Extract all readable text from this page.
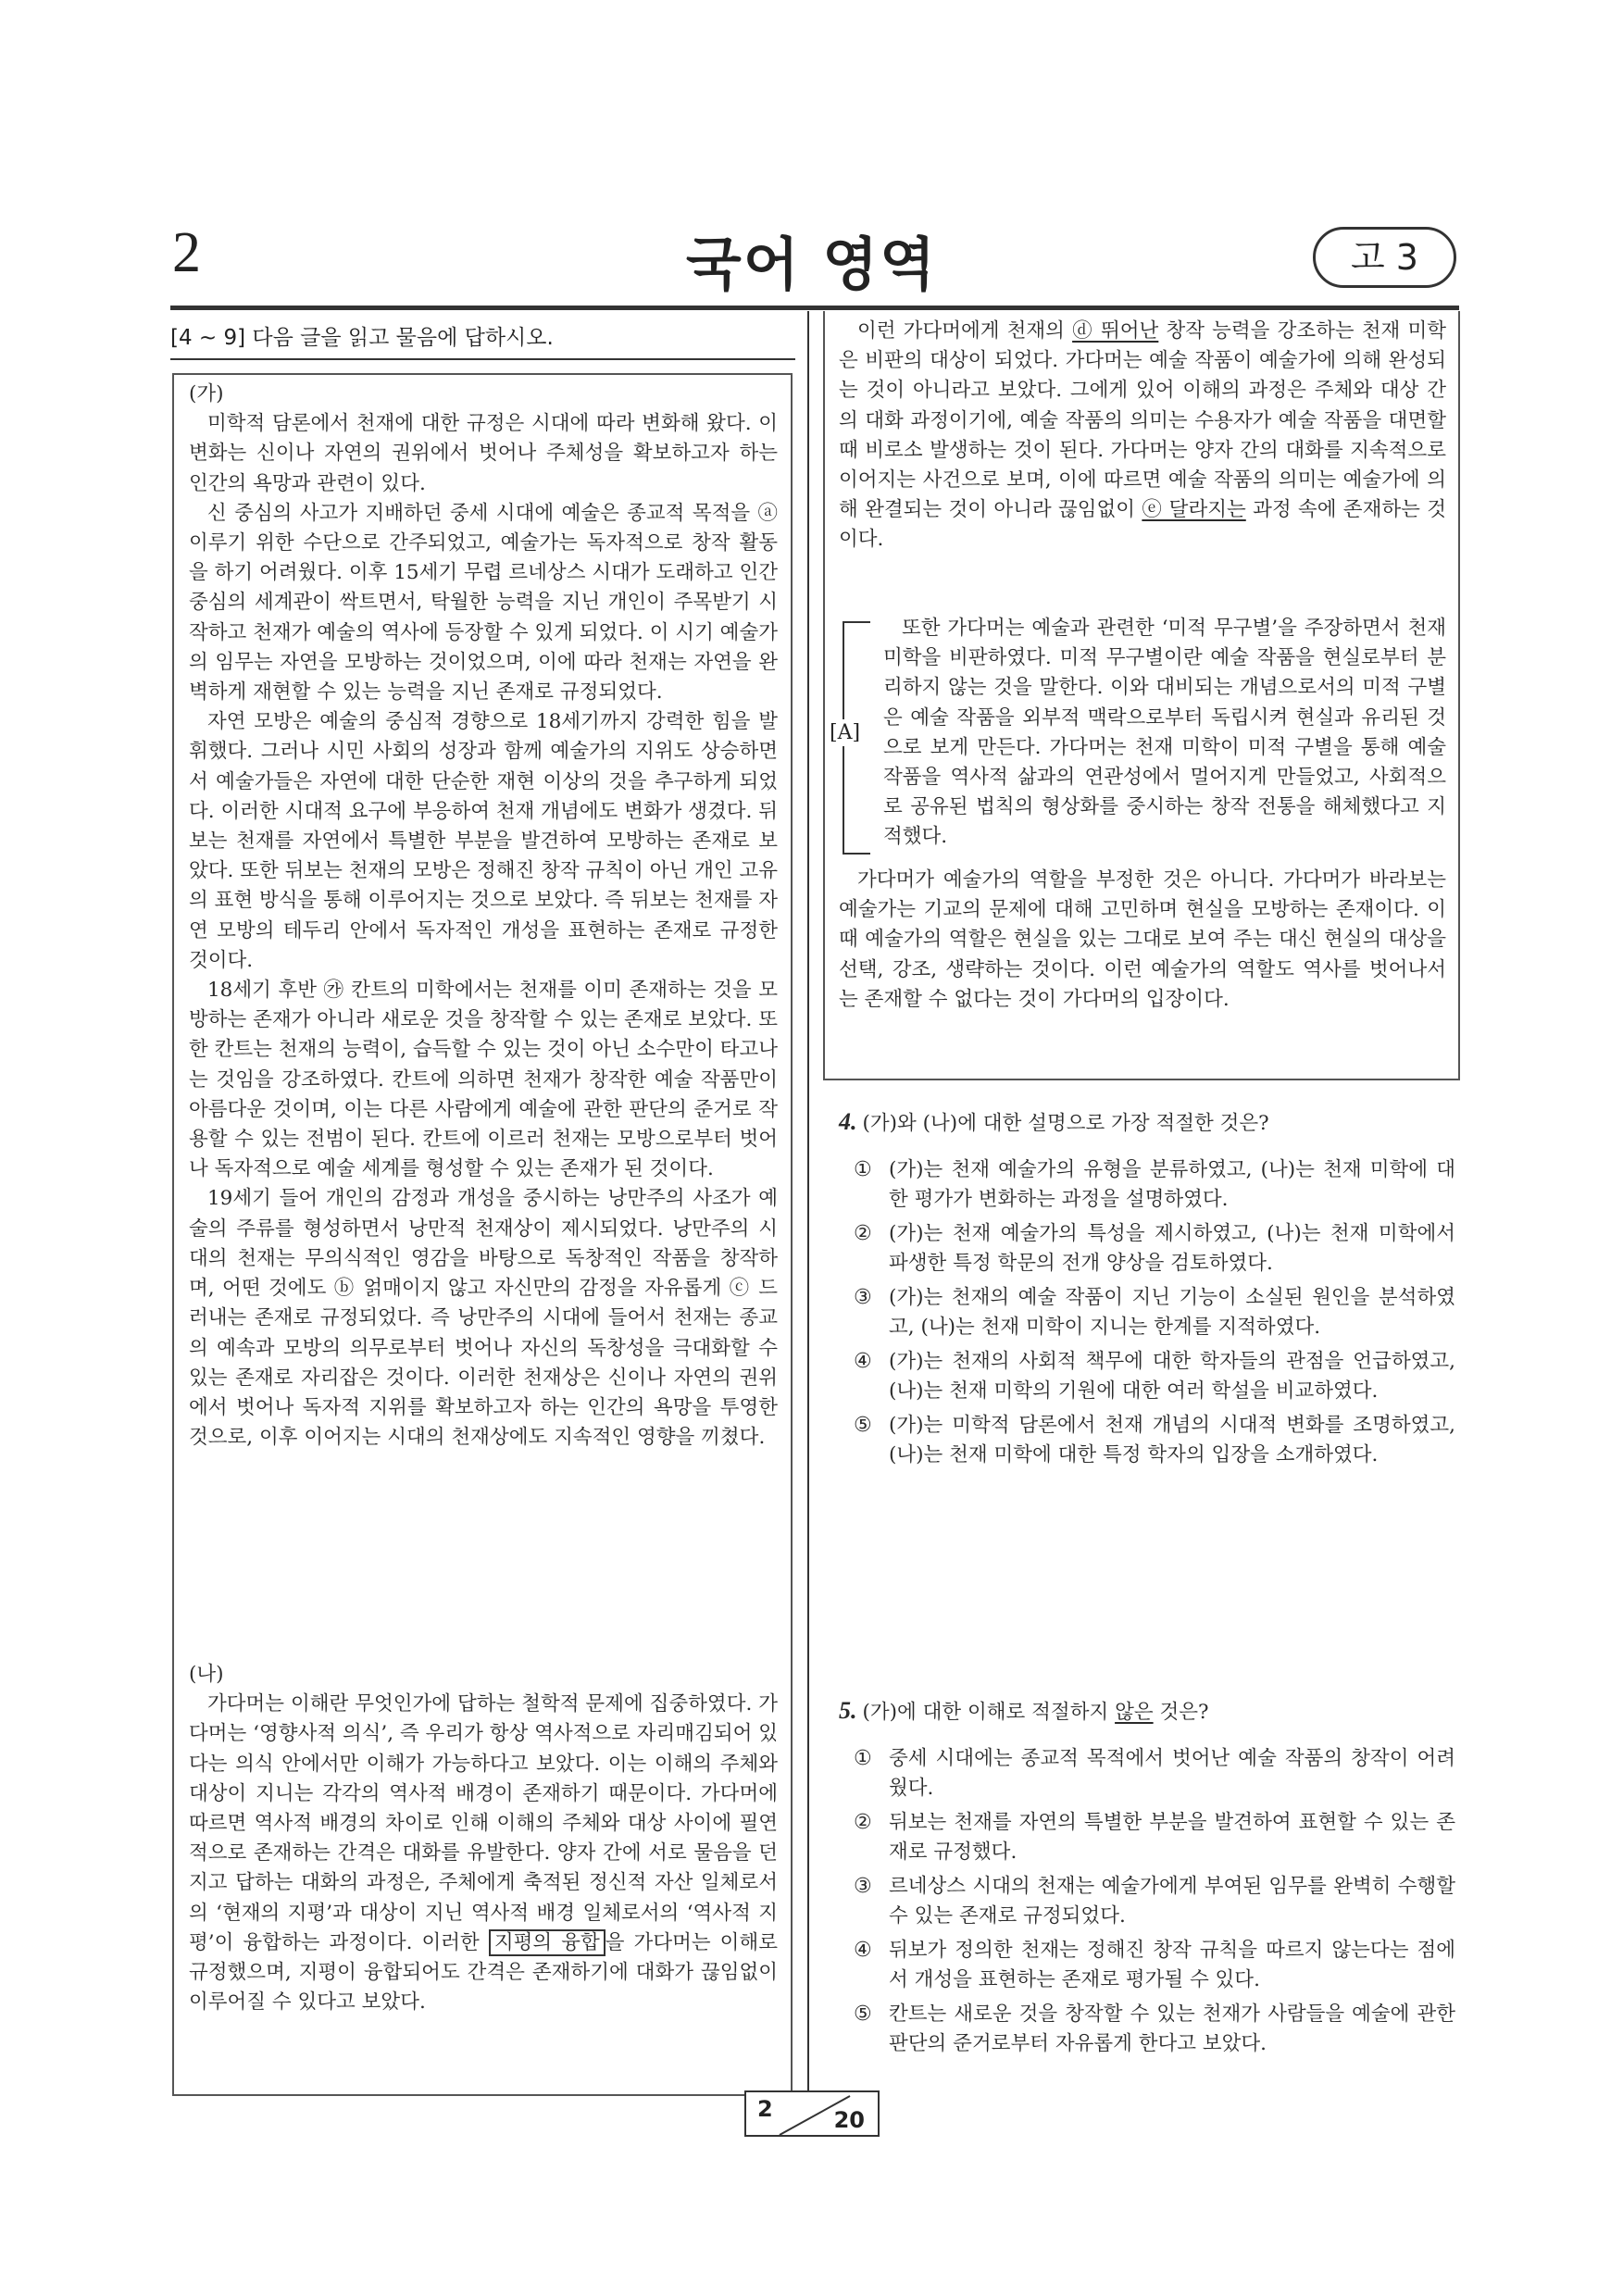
2	국어 영역	고 3
[4 ~ 9] 다음 글을 읽고 물음에 답하시오.

(가)

미학적 담론에서 천재에 대한 규정은 시대에 따라 변화해 왔다. 이 변화는 신이나 자연의 권위에서 벗어나 주체성을 확보하고자 하는 인간의 욕망과 관련이 있다.

신 중심의 사고가 지배하던 중세 시대에 예술은 종교적 목적을 ⓐ 이루기 위한 수단으로 간주되었고, 예술가는 독자적으로 창작 활동을 하기 어려웠다. 이후 15세기 무렵 르네상스 시대가 도래하고 인간 중심의 세계관이 싹트면서, 탁월한 능력을 지닌 개인이 주목받기 시작하고 천재가 예술의 역사에 등장할 수 있게 되었다. 이 시기 예술가의 임무는 자연을 모방하는 것이었으며, 이에 따라 천재는 자연을 완벽하게 재현할 수 있는 능력을 지닌 존재로 규정되었다.

자연 모방은 예술의 중심적 경향으로 18세기까지 강력한 힘을 발휘했다. 그러나 시민 사회의 성장과 함께 예술가의 지위도 상승하면서 예술가들은 자연에 대한 단순한 재현 이상의 것을 추구하게 되었다. 이러한 시대적 요구에 부응하여 천재 개념에도 변화가 생겼다. 뒤보는 천재를 자연에서 특별한 부분을 발견하여 모방하는 존재로 보았다. 또한 뒤보는 천재의 모방은 정해진 창작 규칙이 아닌 개인 고유의 표현 방식을 통해 이루어지는 것으로 보았다. 즉 뒤보는 천재를 자연 모방의 테두리 안에서 독자적인 개성을 표현하는 존재로 규정한 것이다.

18세기 후반 ㉮ 칸트의 미학에서는 천재를 이미 존재하는 것을 모방하는 존재가 아니라 새로운 것을 창작할 수 있는 존재로 보았다. 또한 칸트는 천재의 능력이, 습득할 수 있는 것이 아닌 소수만이 타고나는 것임을 강조하였다. 칸트에 의하면 천재가 창작한 예술 작품만이 아름다운 것이며, 이는 다른 사람에게 예술에 관한 판단의 준거로 작용할 수 있는 전범이 된다. 칸트에 이르러 천재는 모방으로부터 벗어나 독자적으로 예술 세계를 형성할 수 있는 존재가 된 것이다.

19세기 들어 개인의 감정과 개성을 중시하는 낭만주의 사조가 예술의 주류를 형성하면서 낭만적 천재상이 제시되었다. 낭만주의 시대의 천재는 무의식적인 영감을 바탕으로 독창적인 작품을 창작하며, 어떤 것에도 ⓑ 얽매이지 않고 자신만의 감정을 자유롭게 ⓒ 드러내는 존재로 규정되었다. 즉 낭만주의 시대에 들어서 천재는 종교의 예속과 모방의 의무로부터 벗어나 자신의 독창성을 극대화할 수 있는 존재로 자리잡은 것이다. 이러한 천재상은 신이나 자연의 권위에서 벗어나 독자적 지위를 확보하고자 하는 인간의 욕망을 투영한 것으로, 이후 이어지는 시대의 천재상에도 지속적인 영향을 끼쳤다.

(나)

가다머는 이해란 무엇인가에 답하는 철학적 문제에 집중하였다. 가다머는 ‘영향사적 의식’, 즉 우리가 항상 역사적으로 자리매김되어 있다는 의식 안에서만 이해가 가능하다고 보았다. 이는 이해의 주체와 대상이 지니는 각각의 역사적 배경이 존재하기 때문이다. 가다머에 따르면 역사적 배경의 차이로 인해 이해의 주체와 대상 사이에 필연적으로 존재하는 간격은 대화를 유발한다. 양자 간에 서로 물음을 던지고 답하는 대화의 과정은, 주체에게 축적된 정신적 자산 일체로서의 ‘현재의 지평’과 대상이 지닌 역사적 배경 일체로서의 ‘역사적 지평’이 융합하는 과정이다. 이러한 지평의 융합 을 가다머는 이해로 규정했으며, 지평이 융합되어도 간격은 존재하기에 대화가 끊임없이 이루어질 수 있다고 보았다.

이런 가다머에게 천재의 ⓓ 뛰어난 창작 능력을 강조하는 천재 미학은 비판의 대상이 되었다. 가다머는 예술 작품이 예술가에 의해 완성되는 것이 아니라고 보았다. 그에게 있어 이해의 과정은 주체와 대상 간의 대화 과정이기에, 예술 작품의 의미는 수용자가 예술 작품을 대면할 때 비로소 발생하는 것이 된다. 가다머는 양자 간의 대화를 지속적으로 이어지는 사건으로 보며, 이에 따르면 예술 작품의 의미는 예술가에 의해 완결되는 것이 아니라 끊임없이 ⓔ 달라지는 과정 속에 존재하는 것이다.

[A]

또한 가다머는 예술과 관련한 ‘미적 무구별’을 주장하면서 천재 미학을 비판하였다. 미적 무구별이란 예술 작품을 현실로부터 분리하지 않는 것을 말한다. 이와 대비되는 개념으로서의 미적 구별은 예술 작품을 외부적 맥락으로부터 독립시켜 현실과 유리된 것으로 보게 만든다. 가다머는 천재 미학이 미적 구별을 통해 예술 작품을 역사적 삶과의 연관성에서 멀어지게 만들었고, 사회적으로 공유된 법칙의 형상화를 중시하는 창작 전통을 해체했다고 지적했다.

가다머가 예술가의 역할을 부정한 것은 아니다. 가다머가 바라보는 예술가는 기교의 문제에 대해 고민하며 현실을 모방하는 존재이다. 이때 예술가의 역할은 현실을 있는 그대로 보여 주는 대신 현실의 대상을 선택, 강조, 생략하는 것이다. 이런 예술가의 역할도 역사를 벗어나서는 존재할 수 없다는 것이 가다머의 입장이다.

4. (가)와 (나)에 대한 설명으로 가장 적절한 것은?
① (가)는 천재 예술가의 유형을 분류하였고, (나)는 천재 미학에 대한 평가가 변화하는 과정을 설명하였다.
② (가)는 천재 예술가의 특성을 제시하였고, (나)는 천재 미학에서 파생한 특정 학문의 전개 양상을 검토하였다.
③ (가)는 천재의 예술 작품이 지닌 기능이 소실된 원인을 분석하였고, (나)는 천재 미학이 지니는 한계를 지적하였다.
④ (가)는 천재의 사회적 책무에 대한 학자들의 관점을 언급하였고, (나)는 천재 미학의 기원에 대한 여러 학설을 비교하였다.
⑤ (가)는 미학적 담론에서 천재 개념의 시대적 변화를 조명하였고, (나)는 천재 미학에 대한 특정 학자의 입장을 소개하였다.
5. (가)에 대한 이해로 적절하지 않은 것은?
① 중세 시대에는 종교적 목적에서 벗어난 예술 작품의 창작이 어려웠다.
② 뒤보는 천재를 자연의 특별한 부분을 발견하여 표현할 수 있는 존재로 규정했다.
③ 르네상스 시대의 천재는 예술가에게 부여된 임무를 완벽히 수행할 수 있는 존재로 규정되었다.
④ 뒤보가 정의한 천재는 정해진 창작 규칙을 따르지 않는다는 점에서 개성을 표현하는 존재로 평가될 수 있다.
⑤ 칸트는 새로운 것을 창작할 수 있는 천재가 사람들을 예술에 관한 판단의 준거로부터 자유롭게 한다고 보았다.
2	20
